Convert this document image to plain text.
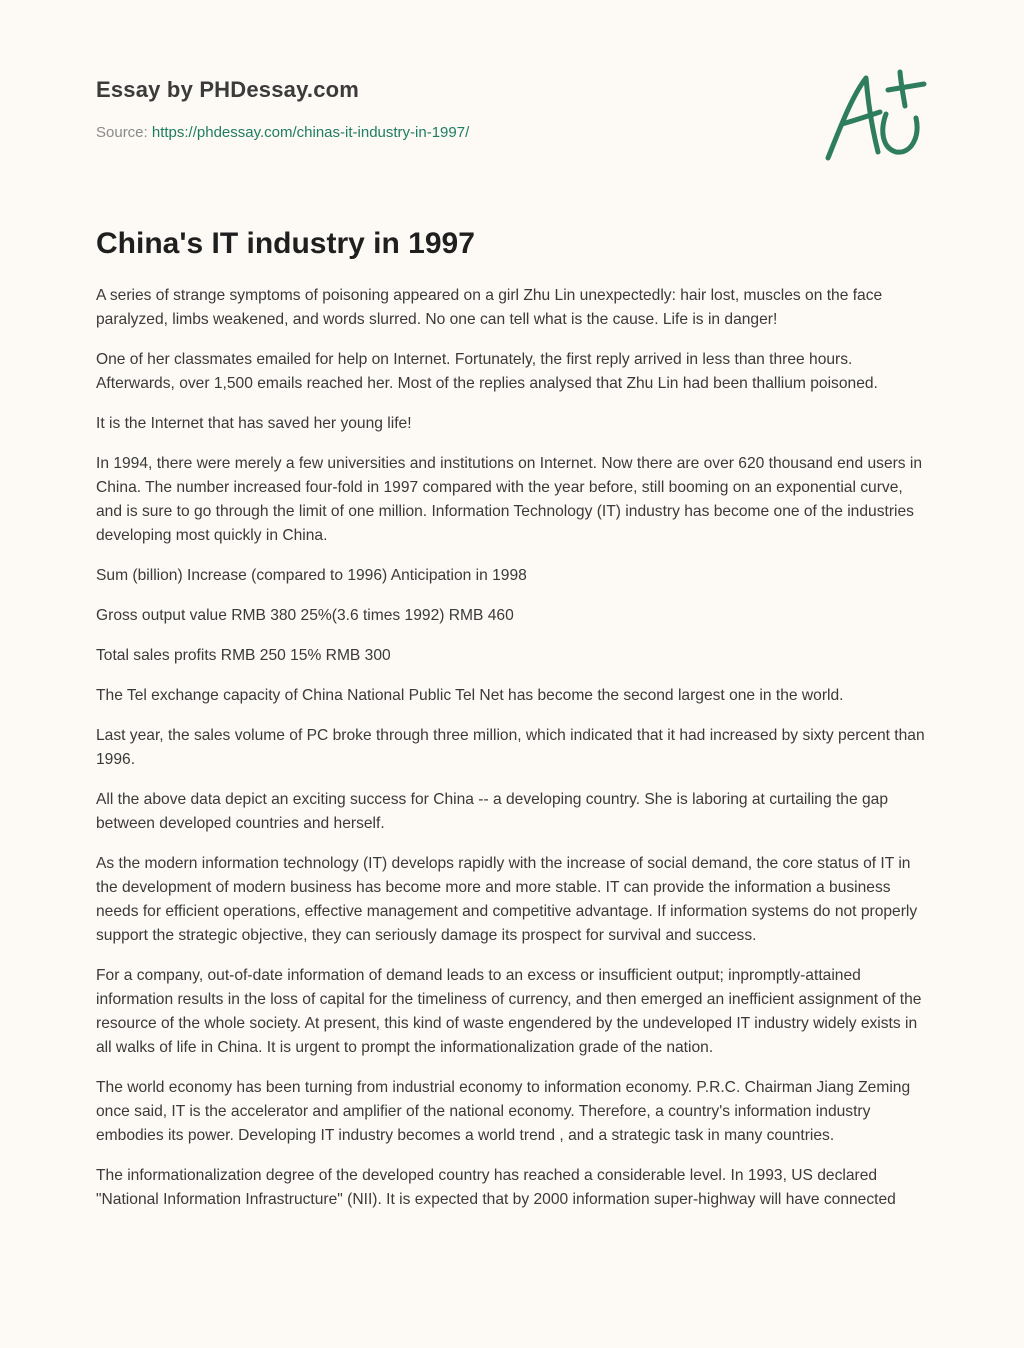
Essay by PHDessay.com
Source: https://phdessay.com/chinas-it-industry-in-1997/
China's IT industry in 1997

A series of strange symptoms of poisoning appeared on a girl Zhu Lin unexpectedly: hair lost, muscles on the face paralyzed, limbs weakened, and words slurred. No one can tell what is the cause. Life is in danger!

One of her classmates emailed for help on Internet. Fortunately, the first reply arrived in less than three hours. Afterwards, over 1,500 emails reached her. Most of the replies analysed that Zhu Lin had been thallium poisoned.

It is the Internet that has saved her young life!

In 1994, there were merely a few universities and institutions on Internet. Now there are over 620 thousand end users in China. The number increased four-fold in 1997 compared with the year before, still booming on an exponential curve, and is sure to go through the limit of one million. Information Technology (IT) industry has become one of the industries developing most quickly in China.

Sum (billion) Increase (compared to 1996) Anticipation in 1998

Gross output value RMB 380 25%(3.6 times 1992) RMB 460

Total sales profits RMB 250 15% RMB 300

The Tel exchange capacity of China National Public Tel Net has become the second largest one in the world.

Last year, the sales volume of PC broke through three million, which indicated that it had increased by sixty percent than 1996.

All the above data depict an exciting success for China -- a developing country. She is laboring at curtailing the gap between developed countries and herself.

As the modern information technology (IT) develops rapidly with the increase of social demand, the core status of IT in the development of modern business has become more and more stable. IT can provide the information a business needs for efficient operations, effective management and competitive advantage. If information systems do not properly support the strategic objective, they can seriously damage its prospect for survival and success.

For a company, out-of-date information of demand leads to an excess or insufficient output; inpromptly-attained information results in the loss of capital for the timeliness of currency, and then emerged an inefficient assignment of the resource of the whole society. At present, this kind of waste engendered by the undeveloped IT industry widely exists in all walks of life in China. It is urgent to prompt the informationalization grade of the nation.

The world economy has been turning from industrial economy to information economy. P.R.C. Chairman Jiang Zeming once said, IT is the accelerator and amplifier of the national economy. Therefore, a country's information industry embodies its power. Developing IT industry becomes a world trend , and a strategic task in many countries.

The informationalization degree of the developed country has reached a considerable level. In 1993, US declared "National Information Infrastructure" (NII). It is expected that by 2000 information super-highway will have connected
